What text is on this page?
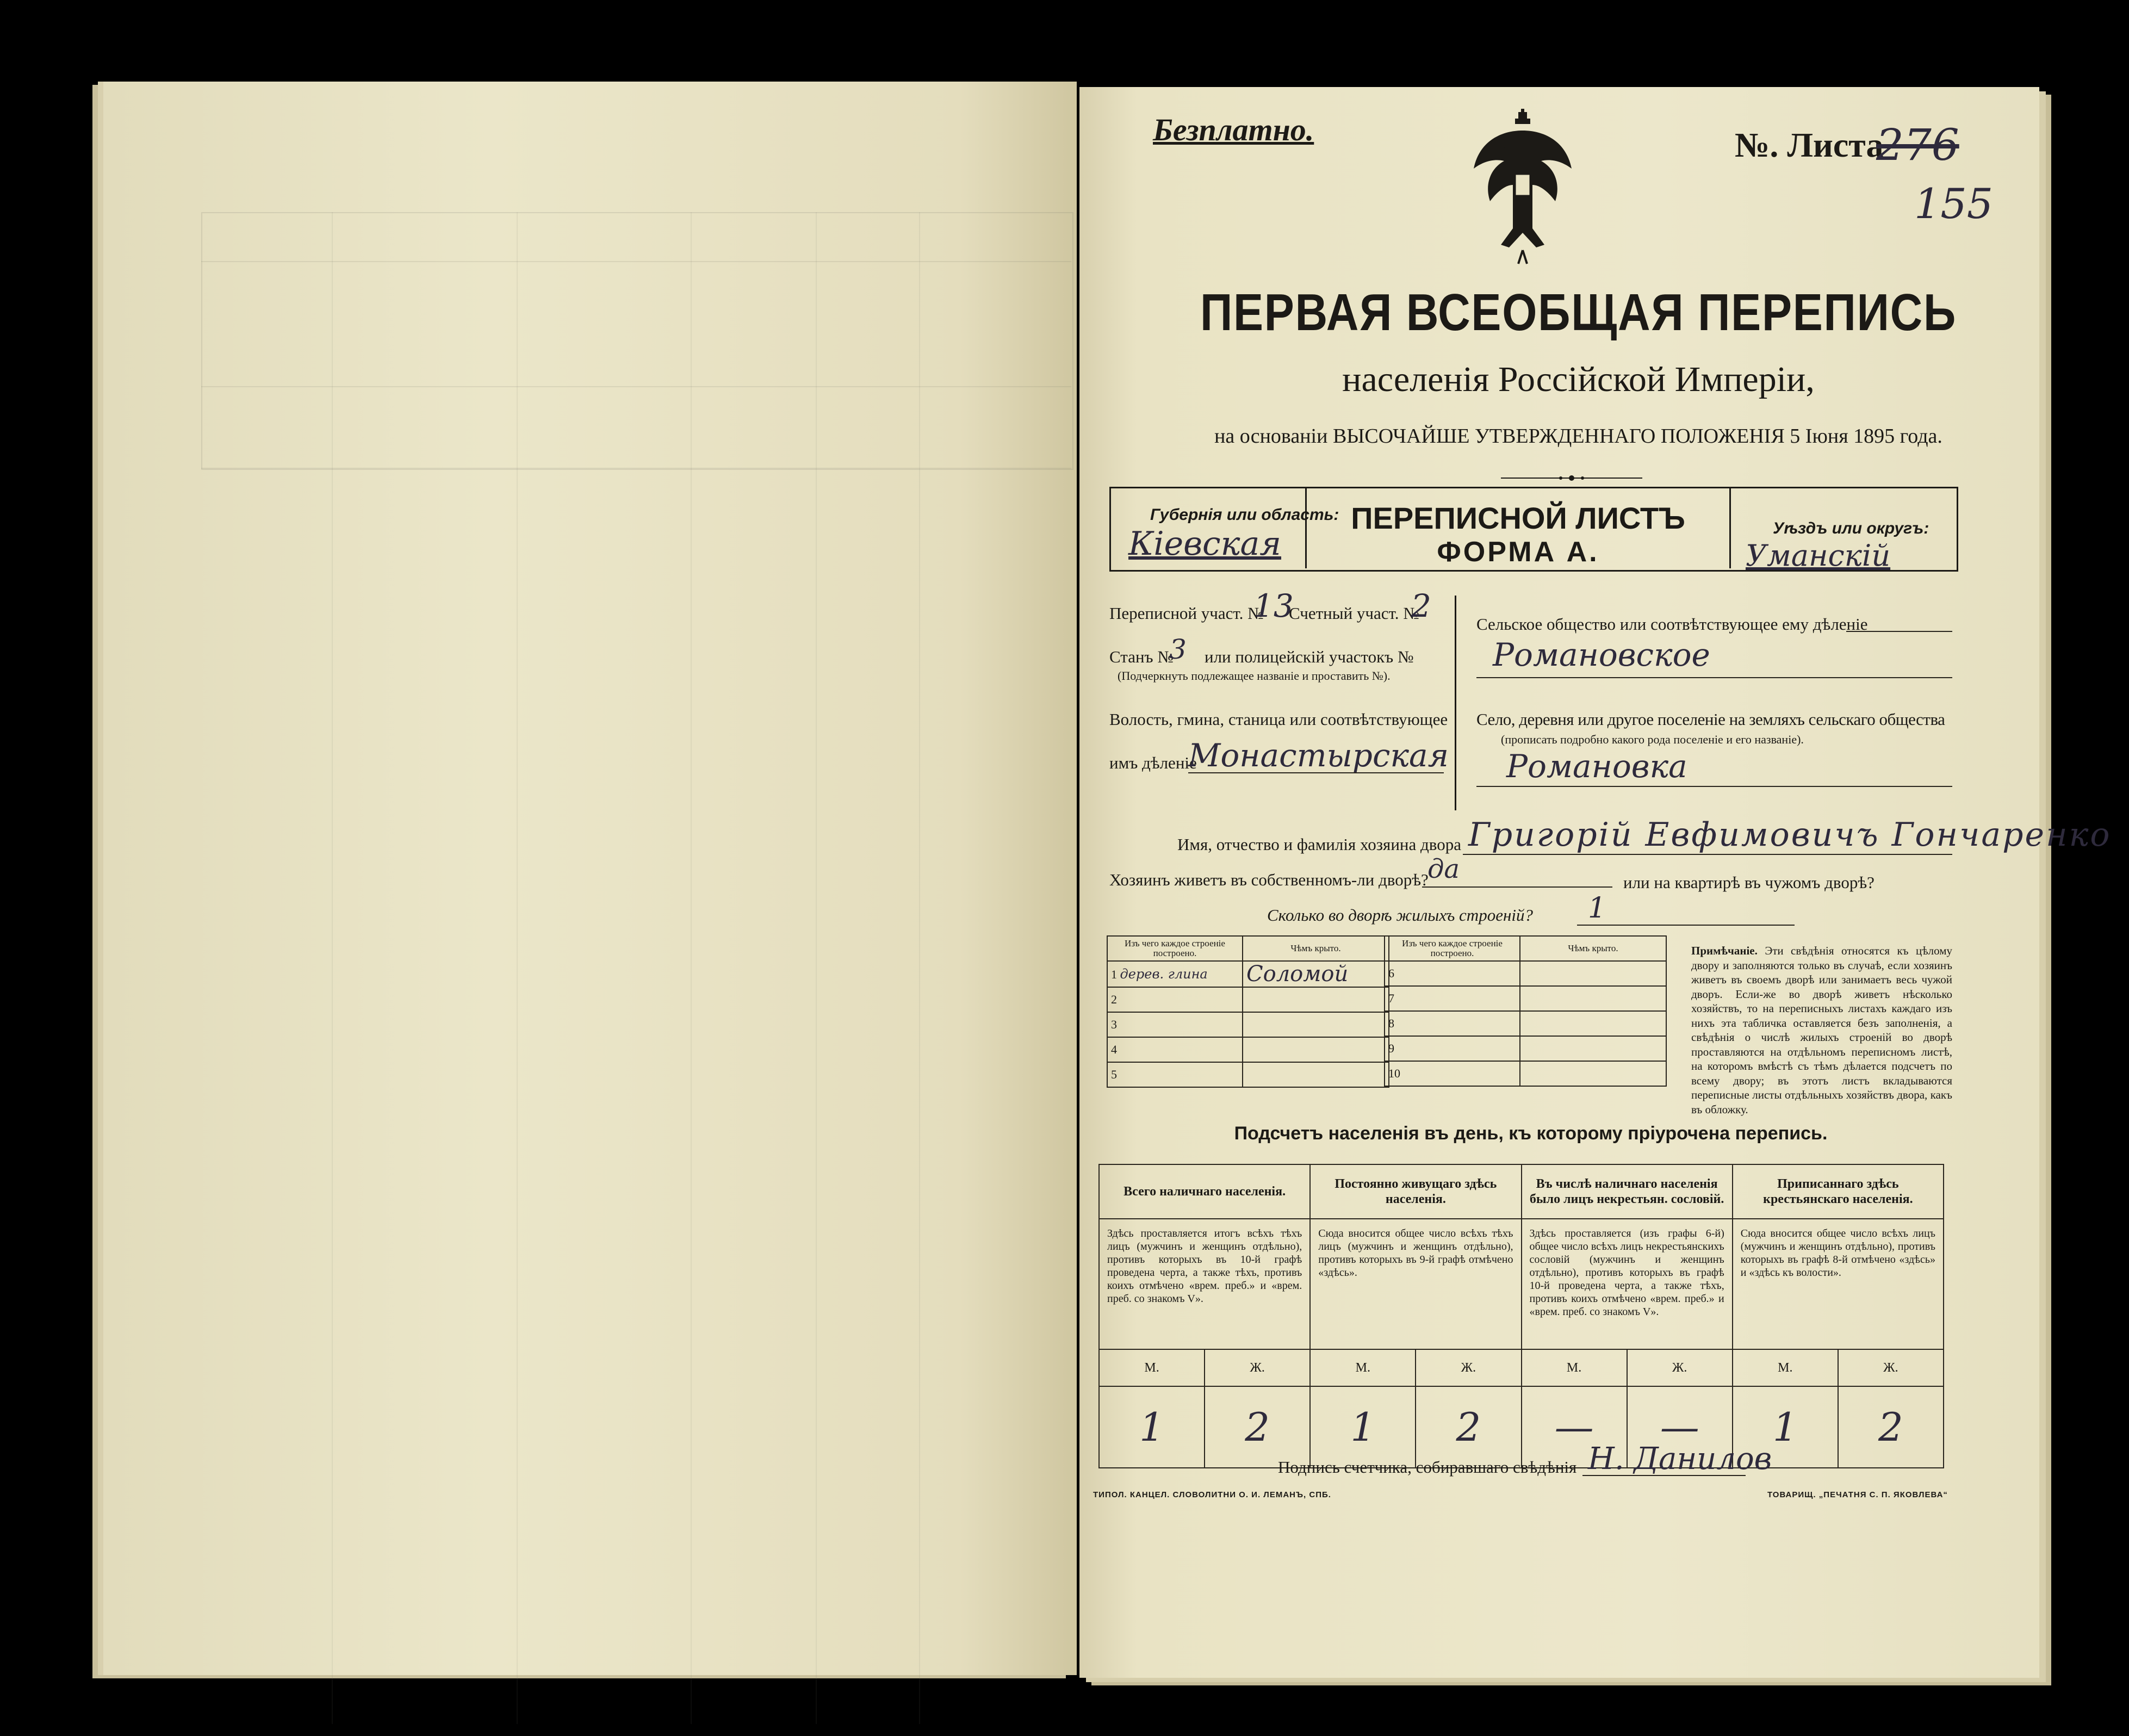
Безплатно.	№. Листа
276
155
ПЕРВАЯ ВСЕОБЩАЯ ПЕРЕПИСЬ
населенія Россійской Имперіи,
на основаніи ВЫСОЧАЙШЕ УТВЕРЖДЕННАГО ПОЛОЖЕНІЯ 5 Іюня 1895 года.
Губернія или область:
Кіевская
ПЕРЕПИСНОЙ ЛИСТЪ
ФОРМА А.
Уѣздъ или округъ:
Уманскій
Переписной участ. №
13
Счетный участ. №
2
Станъ №
3 или полицейскій участокъ №
(Подчеркнуть подлежащее названіе и проставить №).
Волость, гмина, станица или соотвѣтствующее
имъ дѣленіе
Монастырская
Сельское общество или соотвѣтствующее ему дѣленіе
Романовское
Село, деревня или другое поселеніе на земляхъ сельскаго общества
(прописать подробно какого рода поселеніе и его названіе).
Романовка
Имя, отчество и фамилія хозяина двора Григорій Евфимовичъ Гончаренко
Хозяинъ живетъ въ собственномъ-ли дворѣ?
да	или на квартирѣ въ чужомъ дворѣ?
Сколько во дворѣ жилыхъ строеній? 1
Изъ чего каждое строеніе построено.	Чѣмъ крыто.
1 дерев. глина	Соломой
2	
3	
4	
5	
Изъ чего каждое строеніе построено.	Чѣмъ крыто.
6	
7	
8	
9	
10	
Примѣчаніе. Эти свѣдѣнія относятся къ цѣлому двору и заполняются только въ случаѣ, если хозяинъ живетъ въ своемъ дворѣ или занимаетъ весь чужой дворъ. Если-же во дворѣ живетъ нѣсколько хозяйствъ, то на переписныхъ листахъ каждаго изъ нихъ эта табличка оставляется безъ заполненія, а свѣдѣнія о числѣ жилыхъ строеній во дворѣ проставляются на отдѣльномъ переписномъ листѣ, на которомъ вмѣстѣ съ тѣмъ дѣлается подсчетъ по всему двору; въ этотъ листъ вкладываются переписные листы отдѣльныхъ хозяйствъ двора, какъ въ обложку.
Подсчетъ населенія въ день, къ которому пріурочена перепись.
Всего наличнаго населенія.		Постоянно живущаго здѣсь населенія.		Въ числѣ наличнаго населенія было лицъ некрестьян. сословій.		Приписаннаго здѣсь крестьянскаго населенія.	
Здѣсь проставляется итогъ всѣхъ тѣхъ лицъ (мужчинъ и женщинъ отдѣльно), противъ которыхъ въ 10-й графѣ проведена черта, а также тѣхъ, противъ коихъ отмѣчено «врем. преб.» и «врем. преб. со знакомъ V».		Сюда вносится общее число всѣхъ тѣхъ лицъ (мужчинъ и женщинъ отдѣльно), противъ которыхъ въ 9-й графѣ отмѣчено «здѣсь».		Здѣсь проставляется (изъ графы 6-й) общее число всѣхъ лицъ некрестьянскихъ сословій (мужчинъ и женщинъ отдѣльно), противъ которыхъ въ графѣ 10-й проведена черта, а также тѣхъ, противъ коихъ отмѣчено «врем. преб.» и «врем. преб. со знакомъ V».		Сюда вносится общее число всѣхъ лицъ (мужчинъ и женщинъ отдѣльно), противъ которыхъ въ графѣ 8-й отмѣчено «здѣсь» и «здѣсь къ волости».	
М.	Ж.	М.	Ж.	М.	Ж.	М.	Ж.
1	2	1	2	—	—	1	2
Подпись счетчика, собиравшаго свѣдѣнія Н. Данилов
ТИПОЛ. КАНЦЕЛ. СЛОВОЛИТНИ О. И. ЛЕМАНЪ, СПБ.	ТОВАРИЩ. „ПЕЧАТНЯ С. П. ЯКОВЛЕВА“
